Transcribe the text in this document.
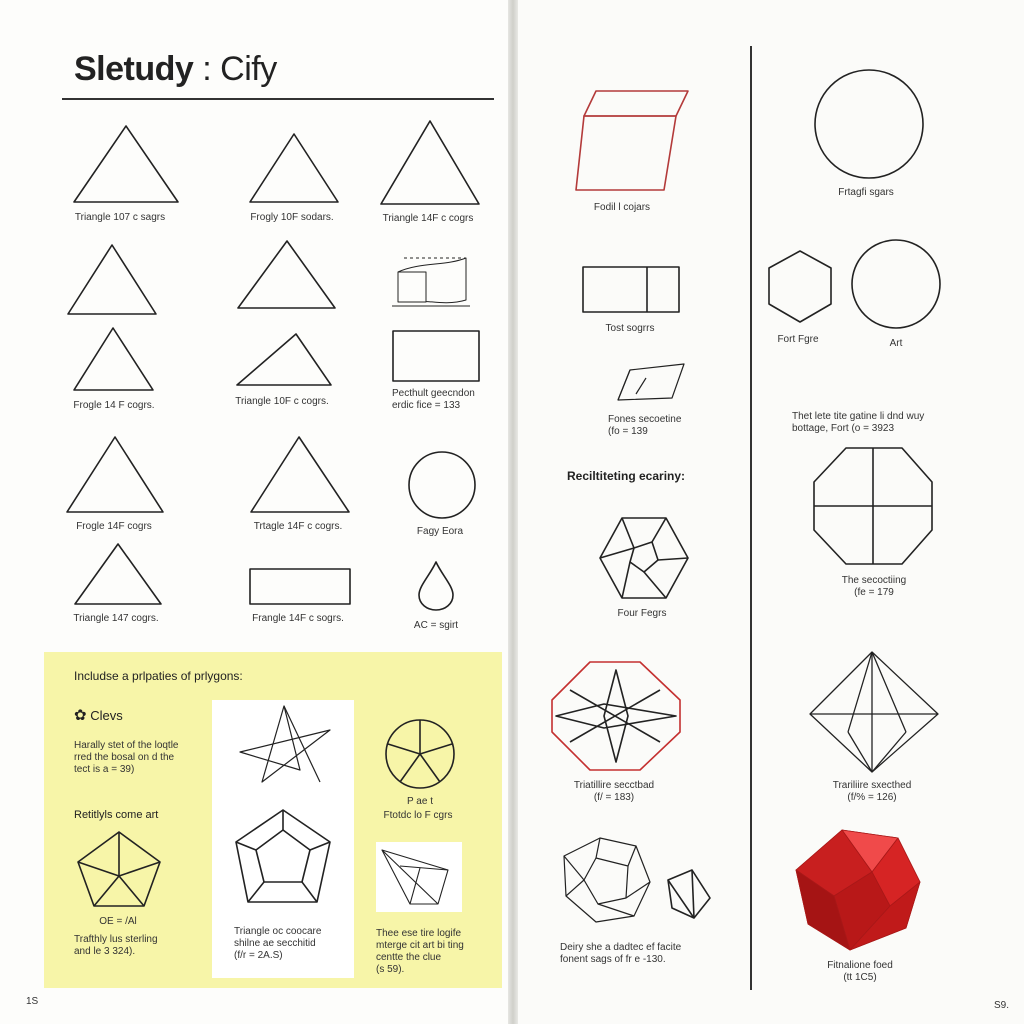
Sletudy : Cify
Triangle 107 c sagrs	Frogly 10F sodars.	Triangle 14F c cogrs
Frogle 14 F cogrs.	Triangle 10F c cogrs.
Pecthult geecndon
erdic fice = 133
Frogle 14F cogrs	Trtagle 14F c cogrs.	Fagy Eora
Triangle 147 cogrs.	Frangle 14F c sogrs.
AC = sgirt
Includse a prlpaties of prlygons:
✿ Clevs
Harally stet of the loqtle
rred the bosal on d the
tect is a = 39)
Retitlyls come art
OE = /Al
Trafthly lus sterling
and le 3 324).
Triangle oc coocare
shilne ae secchitid
(f/r = 2A.S)
Thee ese tire logife
mterge cit art bi ting
centte the clue
(s 59).
P ae t
Ftotdc lo F cgrs
Fodil l cojars
Tost sogrrs
Fones secoetine
(fo = 139
Reciltiteting ecariny:
Four Fegrs
Triatillire secctbad
(f/ = 183)
Deiry she a dadtec ef facite
fonent sags of fr e -130.
Frtagfi sgars
Fort Fgre	Art
Thet lete tite gatine li dnd wuy
bottage, Fort (o = 3923
The secoctiing
(fe = 179
Trariliire sxecthed
(f/% = 126)
Fitnalione foed
(tt 1C5)
1S	S9.
